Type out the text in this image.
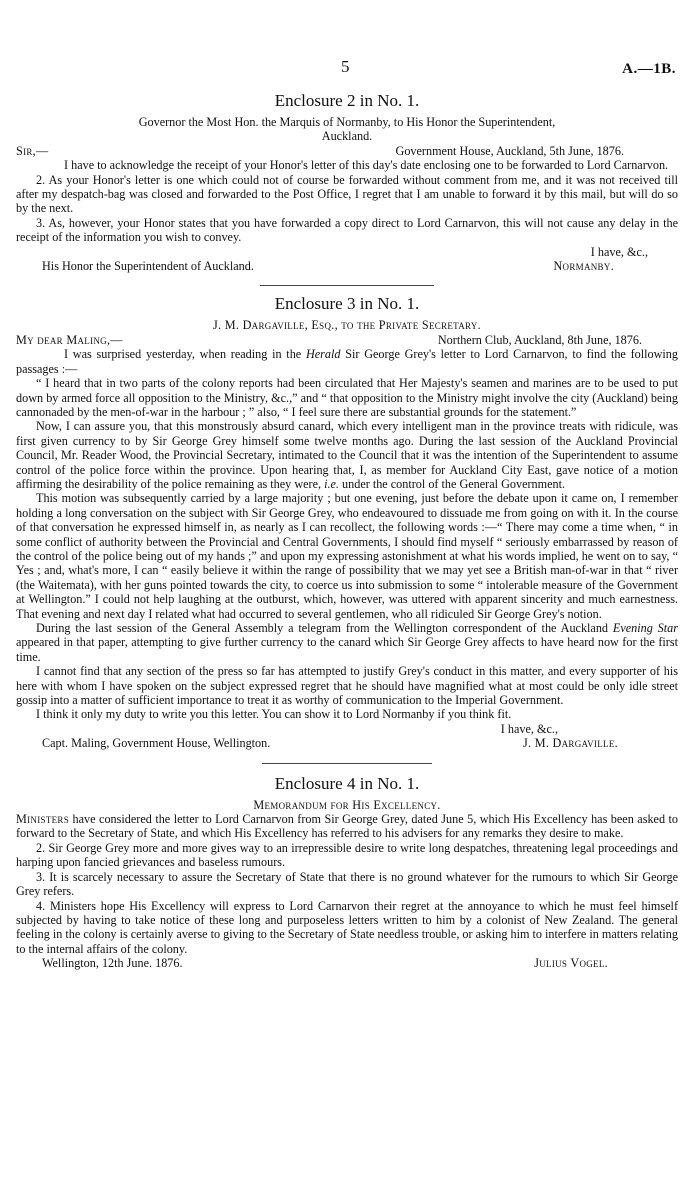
5	A.—1B.
Enclosure 2 in No. 1.
Governor the Most Hon. the Marquis of Normanby, to His Honor the Superintendent,
Auckland.
Sir,—	Government House, Auckland, 5th June, 1876.

I have to acknowledge the receipt of your Honor's letter of this day's date enclosing one to be forwarded to Lord Carnarvon.

2. As your Honor's letter is one which could not of course be forwarded without comment from me, and it was not received till after my despatch-bag was closed and forwarded to the Post Office, I regret that I am unable to forward it by this mail, but will do so by the next.

3. As, however, your Honor states that you have forwarded a copy direct to Lord Carnarvon, this will not cause any delay in the receipt of the information you wish to convey.

I have, &c.,
His Honor the Superintendent of Auckland.	Normanby.
Enclosure 3 in No. 1.
J. M. Dargaville, Esq., to the Private Secretary.
My dear Maling,—	Northern Club, Auckland, 8th June, 1876.

I was surprised yesterday, when reading in the Herald Sir George Grey's letter to Lord Carnarvon, to find the following passages :—

“ I heard that in two parts of the colony reports had been circulated that Her Majesty's seamen and marines are to be used to put down by armed force all opposition to the Ministry, &c.,” and “ that opposition to the Ministry might involve the city (Auckland) being cannonaded by the men-of-war in the harbour ; ” also, “ I feel sure there are substantial grounds for the statement.”

Now, I can assure you, that this monstrously absurd canard, which every intelligent man in the province treats with ridicule, was first given currency to by Sir George Grey himself some twelve months ago. During the last session of the Auckland Provincial Council, Mr. Reader Wood, the Provincial Secretary, intimated to the Council that it was the intention of the Superintendent to assume control of the police force within the province. Upon hearing that, I, as member for Auckland City East, gave notice of a motion affirming the desirability of the police remaining as they were, i.e. under the control of the General Government.

This motion was subsequently carried by a large majority ; but one evening, just before the debate upon it came on, I remember holding a long conversation on the subject with Sir George Grey, who endeavoured to dissuade me from going on with it. In the course of that conversation he expressed himself in, as nearly as I can recollect, the following words :—“ There may come a time when, “ in some conflict of authority between the Provincial and Central Governments, I should find myself “ seriously embarrassed by reason of the control of the police being out of my hands ;” and upon my expressing astonishment at what his words implied, he went on to say, “ Yes ; and, what's more, I can “ easily believe it within the range of possibility that we may yet see a British man-of-war in that “ river (the Waitemata), with her guns pointed towards the city, to coerce us into submission to some “ intolerable measure of the Government at Wellington.” I could not help laughing at the outburst, which, however, was uttered with apparent sincerity and much earnestness. That evening and next day I related what had occurred to several gentlemen, who all ridiculed Sir George Grey's notion.

During the last session of the General Assembly a telegram from the Wellington correspondent of the Auckland Evening Star appeared in that paper, attempting to give further currency to the canard which Sir George Grey affects to have heard now for the first time.

I cannot find that any section of the press so far has attempted to justify Grey's conduct in this matter, and every supporter of his here with whom I have spoken on the subject expressed regret that he should have magnified what at most could be only idle street gossip into a matter of sufficient importance to treat it as worthy of communication to the Imperial Government.

I think it only my duty to write you this letter. You can show it to Lord Normanby if you think fit.

I have, &c.,
Capt. Maling, Government House, Wellington.	J. M. Dargaville.
Enclosure 4 in No. 1.
Memorandum for His Excellency.

Ministers have considered the letter to Lord Carnarvon from Sir George Grey, dated June 5, which His Excellency has been asked to forward to the Secretary of State, and which His Excellency has referred to his advisers for any remarks they desire to make.

2. Sir George Grey more and more gives way to an irrepressible desire to write long despatches, threatening legal proceedings and harping upon fancied grievances and baseless rumours.

3. It is scarcely necessary to assure the Secretary of State that there is no ground whatever for the rumours to which Sir George Grey refers.

4. Ministers hope His Excellency will express to Lord Carnarvon their regret at the annoyance to which he must feel himself subjected by having to take notice of these long and purposeless letters written to him by a colonist of New Zealand. The general feeling in the colony is certainly averse to giving to the Secretary of State needless trouble, or asking him to interfere in matters relating to the internal affairs of the colony.

Wellington, 12th June. 1876.	Julius Vogel.
